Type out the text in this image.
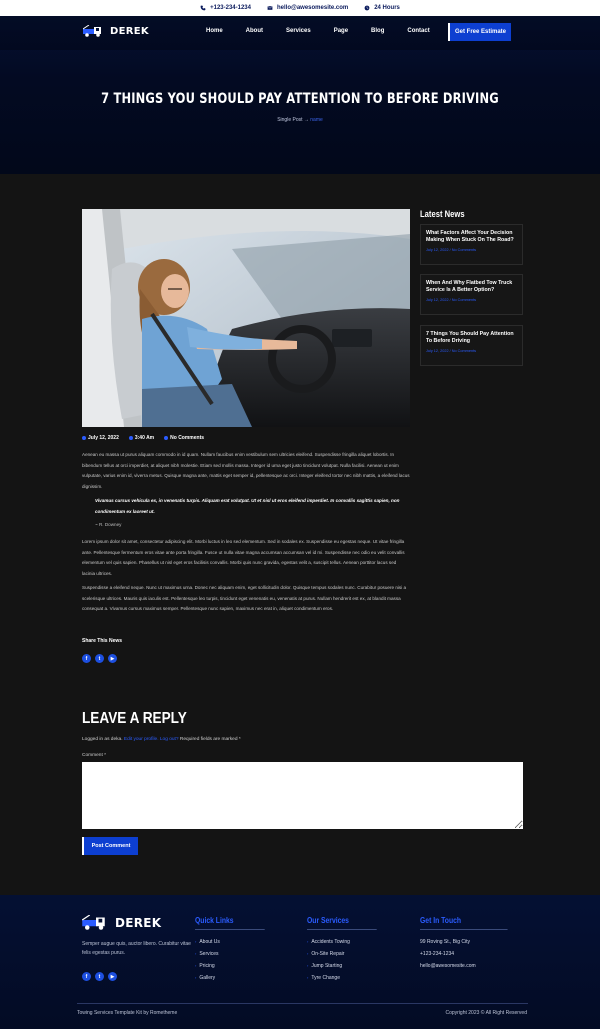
+123-234-1234	hello@awesomesite.com	24 Hours
DEREK	Home	About	Services	Page	Blog	Contact	Get Free Estimate
7 THINGS YOU SHOULD PAY ATTENTION TO BEFORE DRIVING
Single Post → name
July 12, 2022	3:40 Am	No Comments
Aenean eu massa ut purus aliquam commodo in id quam. Nullam faucibus enim vestibulum sem ultricies eleifend. Suspendisse fringilla aliquet lobortis. In bibendum tellus at orci imperdiet, at aliquet nibh molestie. Etiam sed mollis massa. Integer id urna eget justo tincidunt volutpat. Nulla facilisi. Aenean ut enim vulputate, varius enim id, viverra metus. Quisque magna ante, mattis eget semper id, pellentesque ac orci. Integer eleifend tortor nec nibh mattis, a eleifend lacus dignissim.
Vivamus cursus vehicula ex, in venenatis turpis. Aliquam erat volutpat. Ut et nisl ut eros eleifend imperdiet. In convallis sagittis sapien, non condimentum ex laoreet ut.
~ R. Downey
Lorem ipsum dolor sit amet, consectetur adipiscing elit. Morbi luctus in leo sed elementum. Sed in sodales ex. Suspendisse eu egestas neque. Ut vitae fringilla ante. Pellentesque fermentum eros vitae ante porta fringilla. Fusce ut nulla vitae magna accumsan accumsan vel id mi. Suspendisse nec odio eu velit convallis elementum vel quis sapien. Phasellus ut nisl eget eros facilisis convallis. Morbi quis nunc gravida, egestas velit a, suscipit tellus. Aenean porttitor lacus sed lacinia ultrices.
Suspendisse a eleifend neque. Nunc ut maximus urna. Donec nec aliquam enim, eget sollicitudin dolor. Quisque tempus sodales nunc. Curabitur posuere nisi a scelerisque ultrices. Mauris quis iaculis est. Pellentesque leo turpis, tincidunt eget venenatis eu, venenatis at purus. Nullam hendrerit est ex, at blandit massa consequat a. Vivamus cursus maximus semper. Pellentesque nunc sapien, maximus nec erat in, aliquet condimentum eros.
Share This News
f	t	▶
Latest News
What Factors Affect Your Decision Making When Stuck On The Road?
July 12, 2022 / No Comments
When And Why Flatbed Tow Truck Service Is A Better Option?
July 12, 2022 / No Comments
7 Things You Should Pay Attention To Before Driving
July 12, 2022 / No Comments
LEAVE A REPLY
Logged in as deka. Edit your profile. Log out? Required fields are marked *
Comment *
Post Comment
DEREK
Semper augue quis, auctor libero. Curabitur vitae felis egestas purus.
f	t	▶
Quick Links
› About Us
› Services
› Pricing
› Gallery
Our Services
› Accidents Towing
› On-Site Repair
› Jump Starting
› Tyre Change
Get In Touch
99 Roving St., Big City
+123-234-1234
hello@awesomesite.com
Towing Services Template Kit by Rometheme	Copyright 2023 © All Right Reserved
